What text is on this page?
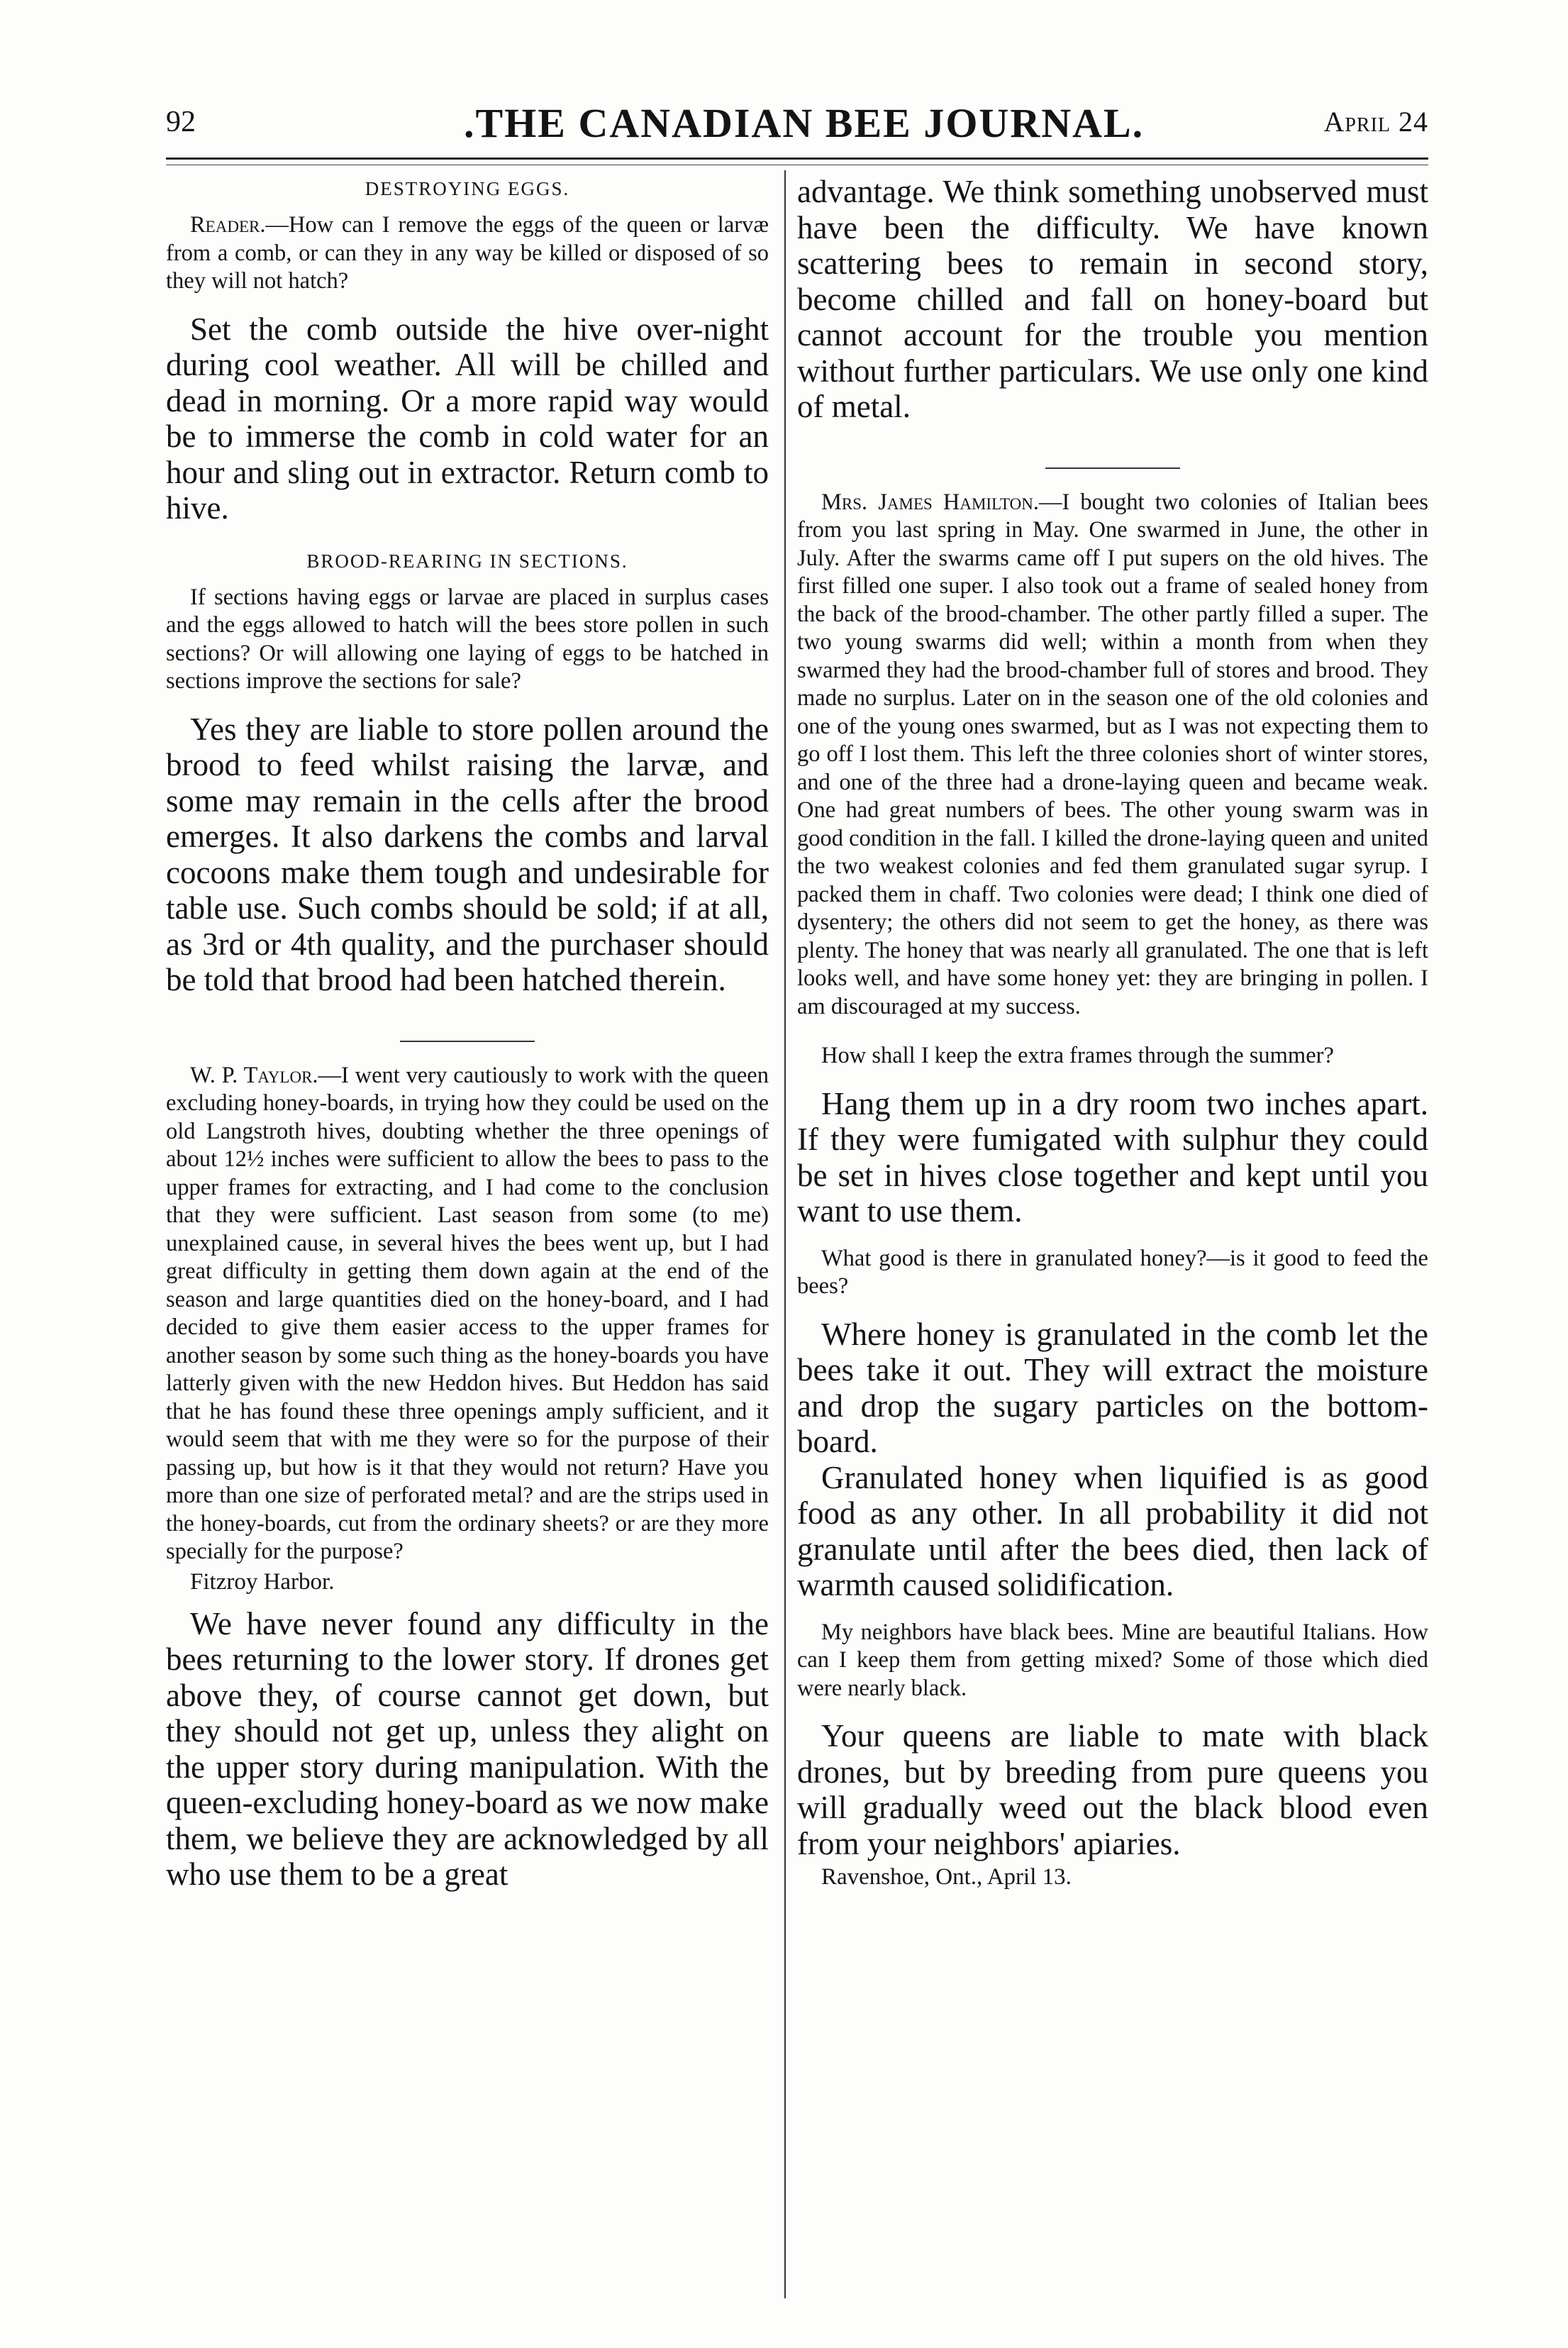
92	.THE CANADIAN BEE JOURNAL.	April 24

DESTROYING EGGS.

Reader.—How can I remove the eggs of the queen or larvæ from a comb, or can they in any way be killed or disposed of so they will not hatch?

Set the comb outside the hive over-night during cool weather. All will be chilled and dead in morning. Or a more rapid way would be to immerse the comb in cold water for an hour and sling out in extractor. Return comb to hive.

BROOD-REARING IN SECTIONS.

If sections having eggs or larvae are placed in surplus cases and the eggs allowed to hatch will the bees store pollen in such sections? Or will allowing one laying of eggs to be hatched in sections improve the sections for sale?

Yes they are liable to store pollen around the brood to feed whilst raising the larvæ, and some may remain in the cells after the brood emerges. It also darkens the combs and larval cocoons make them tough and undesirable for table use. Such combs should be sold; if at all, as 3rd or 4th quality, and the purchaser should be told that brood had been hatched therein.

W. P. Taylor.—I went very cautiously to work with the queen excluding honey-boards, in trying how they could be used on the old Langstroth hives, doubting whether the three openings of about 12½ inches were sufficient to allow the bees to pass to the upper frames for extracting, and I had come to the conclusion that they were sufficient. Last season from some (to me) unexplained cause, in several hives the bees went up, but I had great difficulty in getting them down again at the end of the season and large quantities died on the honey-board, and I had decided to give them easier access to the upper frames for another season by some such thing as the honey-boards you have latterly given with the new Heddon hives. But Heddon has said that he has found these three openings amply sufficient, and it would seem that with me they were so for the purpose of their passing up, but how is it that they would not return? Have you more than one size of perforated metal? and are the strips used in the honey-boards, cut from the ordinary sheets? or are they more specially for the purpose?

Fitzroy Harbor.

We have never found any difficulty in the bees returning to the lower story. If drones get above they, of course cannot get down, but they should not get up, unless they alight on the upper story during manipulation. With the queen-excluding honey-board as we now make them, we believe they are acknowledged by all who use them to be a great

advantage. We think something unobserved must have been the difficulty. We have known scattering bees to remain in second story, become chilled and fall on honey-board but cannot account for the trouble you mention without further particulars. We use only one kind of metal.

Mrs. James Hamilton.—I bought two colonies of Italian bees from you last spring in May. One swarmed in June, the other in July. After the swarms came off I put supers on the old hives. The first filled one super. I also took out a frame of sealed honey from the back of the brood-chamber. The other partly filled a super. The two young swarms did well; within a month from when they swarmed they had the brood-chamber full of stores and brood. They made no surplus. Later on in the season one of the old colonies and one of the young ones swarmed, but as I was not expecting them to go off I lost them. This left the three colonies short of winter stores, and one of the three had a drone-laying queen and became weak. One had great numbers of bees. The other young swarm was in good condition in the fall. I killed the drone-laying queen and united the two weakest colonies and fed them granulated sugar syrup. I packed them in chaff. Two colonies were dead; I think one died of dysentery; the others did not seem to get the honey, as there was plenty. The honey that was nearly all granulated. The one that is left looks well, and have some honey yet: they are bringing in pollen. I am discouraged at my success.

How shall I keep the extra frames through the summer?

Hang them up in a dry room two inches apart. If they were fumigated with sulphur they could be set in hives close together and kept until you want to use them.

What good is there in granulated honey?—is it good to feed the bees?

Where honey is granulated in the comb let the bees take it out. They will extract the moisture and drop the sugary particles on the bottom-board.

Granulated honey when liquified is as good food as any other. In all probability it did not granulate until after the bees died, then lack of warmth caused solidification.

My neighbors have black bees. Mine are beautiful Italians. How can I keep them from getting mixed? Some of those which died were nearly black.

Your queens are liable to mate with black drones, but by breeding from pure queens you will gradually weed out the black blood even from your neighbors' apiaries.

Ravenshoe, Ont., April 13.
